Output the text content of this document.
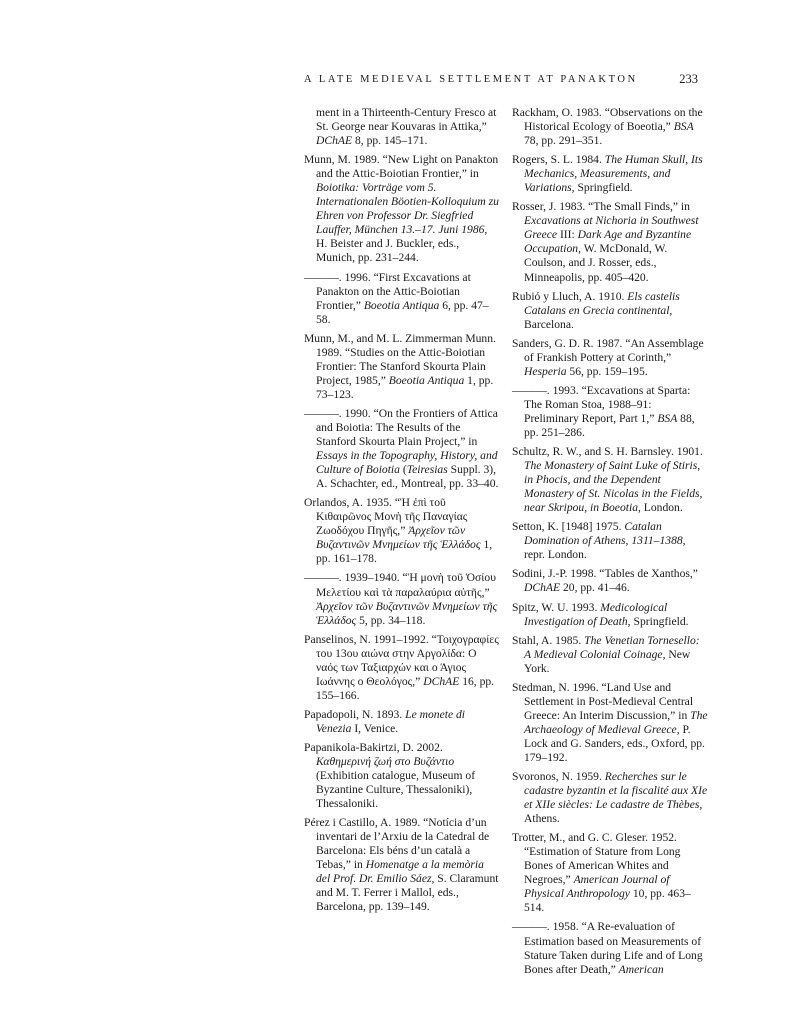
A LATE MEDIEVAL SETTLEMENT AT PANAKTON	233

ment in a Thirteenth-Century Fresco at St. George near Kouvaras in Attika,” DChAE 8, pp. 145–171.

Munn, M. 1989. “New Light on Panakton and the Attic-Boiotian Frontier,” in Boiotika: Vorträge vom 5. Internationalen Böotien-Kolloquium zu Ehren von Professor Dr. Siegfried Lauffer, München 13.–17. Juni 1986, H. Beister and J. Buckler, eds., Munich, pp. 231–244.

———. 1996. “First Excavations at Panakton on the Attic-Boiotian Frontier,” Boeotia Antiqua 6, pp. 47–58.

Munn, M., and M. L. Zimmerman Munn. 1989. “Studies on the Attic-Boiotian Frontier: The Stanford Skourta Plain Project, 1985,” Boeotia Antiqua 1, pp. 73–123.

———. 1990. “On the Frontiers of Attica and Boiotia: The Results of the Stanford Skourta Plain Project,” in Essays in the Topography, History, and Culture of Boiotia (Teiresias Suppl. 3), A. Schachter, ed., Montreal, pp. 33–40.

Orlandos, A. 1935. “Ἡ ἐπὶ τοῦ Κιθαιρῶνος Μονὴ τῆς Παναγίας Ζωοδόχου Πηγῆς,” Ἀρχεῖον τῶν Βυζαντινῶν Μνημείων τῆς Ἑλλάδος 1, pp. 161–178.

———. 1939–1940. “Ἡ μονὴ τοῦ Ὁσίου Μελετίου καὶ τὰ παραλαύρια αὐτῆς,” Ἀρχεῖον τῶν Βυζαντινῶν Μνημείων τῆς Ἑλλάδος 5, pp. 34–118.

Panselinos, N. 1991–1992. “Τοιχογραφίες του 13ου αιώνα στην Αργολίδα: Ο ναός των Ταξιαρχών και ο Άγιος Ιωάννης ο Θεολόγος,” DChAE 16, pp. 155–166.

Papadopoli, N. 1893. Le monete di Venezia I, Venice.

Papanikola-Bakirtzi, D. 2002. Καθημερινή ζωή στο Βυζάντιο (Exhibition catalogue, Museum of Byzantine Culture, Thessaloniki), Thessaloniki.

Pérez i Castillo, A. 1989. “Notícia d’un inventari de l’Arxiu de la Catedral de Barcelona: Els béns d’un català a Tebas,” in Homenatge a la memòria del Prof. Dr. Emilio Sáez, S. Claramunt and M. T. Ferrer i Mallol, eds., Barcelona, pp. 139–149.

Rackham, O. 1983. “Observations on the Historical Ecology of Boeotia,” BSA 78, pp. 291–351.

Rogers, S. L. 1984. The Human Skull, Its Mechanics, Measurements, and Variations, Springfield.

Rosser, J. 1983. “The Small Finds,” in Excavations at Nichoria in Southwest Greece III: Dark Age and Byzantine Occupation, W. McDonald, W. Coulson, and J. Rosser, eds., Minneapolis, pp. 405–420.

Rubió y Lluch, A. 1910. Els castelis Catalans en Grecia continental, Barcelona.

Sanders, G. D. R. 1987. “An Assemblage of Frankish Pottery at Corinth,” Hesperia 56, pp. 159–195.

———. 1993. “Excavations at Sparta: The Roman Stoa, 1988–91: Preliminary Report, Part 1,” BSA 88, pp. 251–286.

Schultz, R. W., and S. H. Barnsley. 1901. The Monastery of Saint Luke of Stiris, in Phocis, and the Dependent Monastery of St. Nicolas in the Fields, near Skripou, in Boeotia, London.

Setton, K. [1948] 1975. Catalan Domination of Athens, 1311–1388, repr. London.

Sodini, J.-P. 1998. “Tables de Xanthos,” DChAE 20, pp. 41–46.

Spitz, W. U. 1993. Medicological Investigation of Death, Springfield.

Stahl, A. 1985. The Venetian Tornesello: A Medieval Colonial Coinage, New York.

Stedman, N. 1996. “Land Use and Settlement in Post-Medieval Central Greece: An Interim Discussion,” in The Archaeology of Medieval Greece, P. Lock and G. Sanders, eds., Oxford, pp. 179–192.

Svoronos, N. 1959. Recherches sur le cadastre byzantin et la fiscalité aux XIe et XIIe siècles: Le cadastre de Thèbes, Athens.

Trotter, M., and G. C. Gleser. 1952. “Estimation of Stature from Long Bones of American Whites and Negroes,” American Journal of Physical Anthropology 10, pp. 463–514.

———. 1958. “A Re-evaluation of Estimation based on Measurements of Stature Taken during Life and of Long Bones after Death,” American
